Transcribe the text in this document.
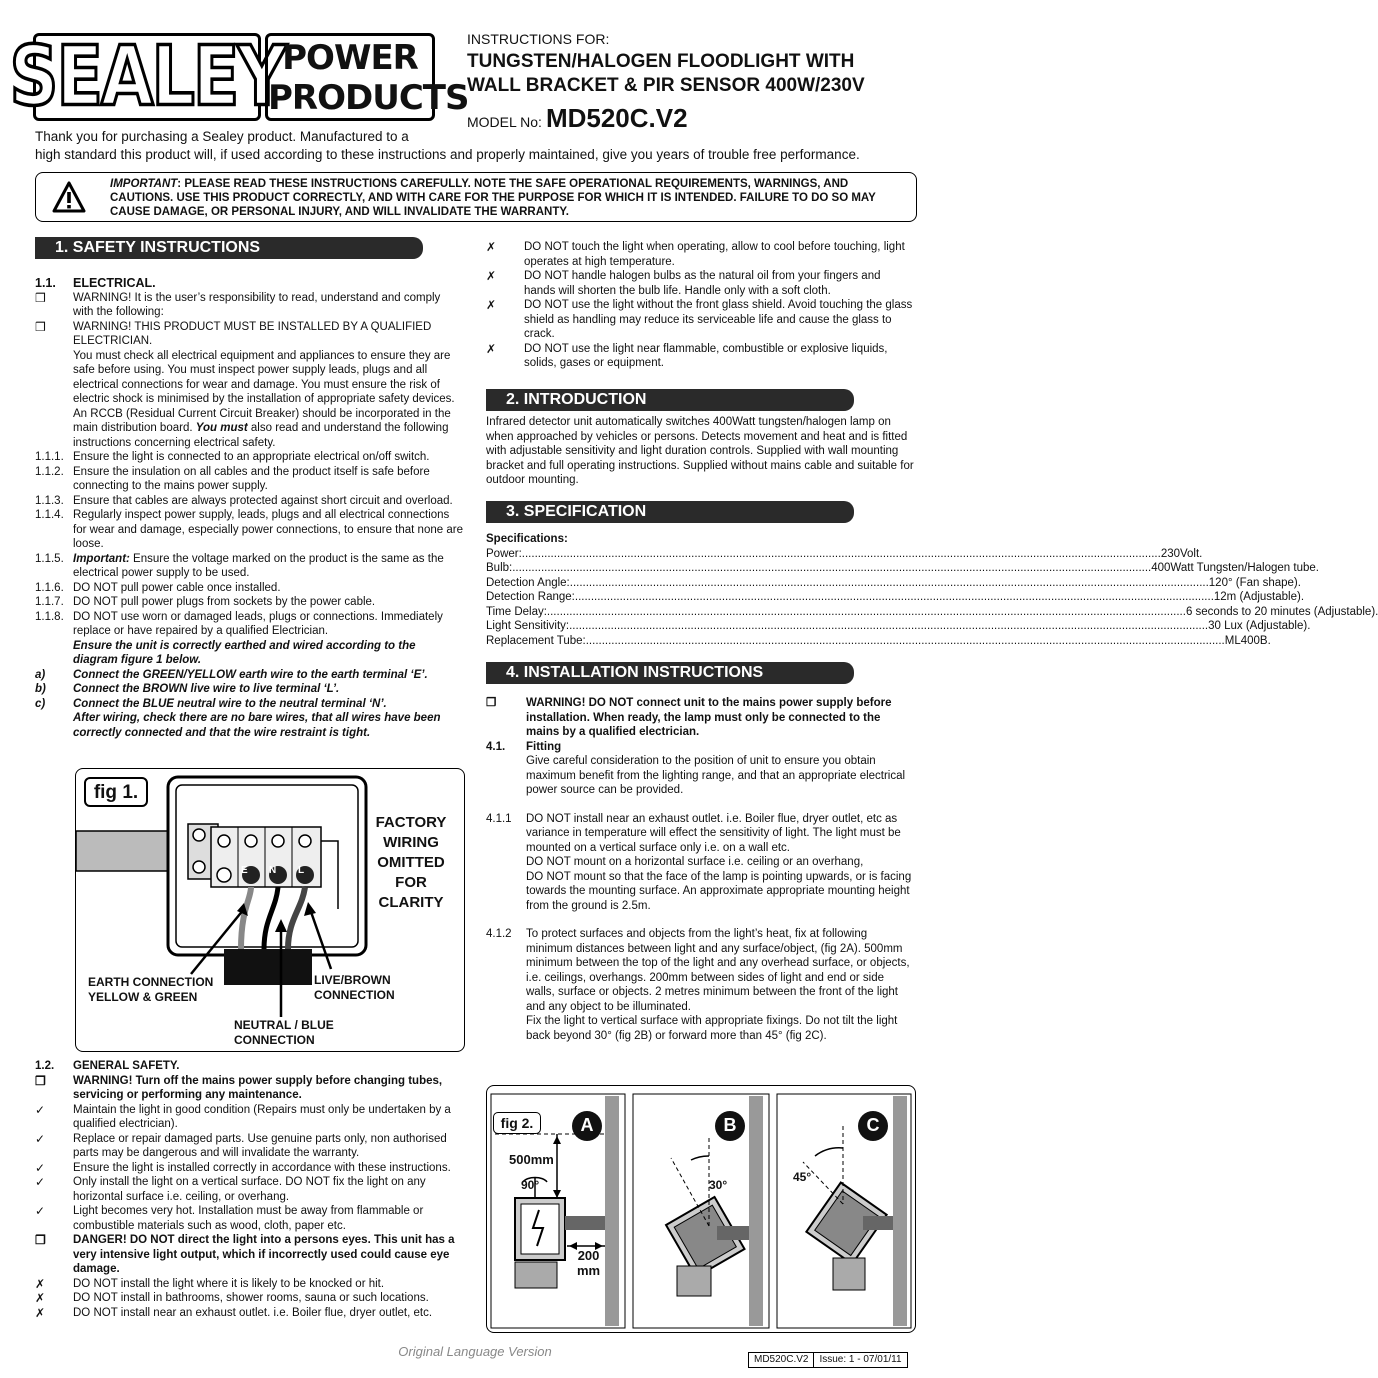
SEALEY
POWER
PRODUCTS
INSTRUCTIONS FOR:
TUNGSTEN/HALOGEN FLOODLIGHT WITH
WALL BRACKET & PIR SENSOR 400W/230V
MODEL No: MD520C.V2
Thank you for purchasing a Sealey product. Manufactured to a
high standard this product will, if used according to these instructions and properly maintained, give you years of trouble free performance.
IMPORTANT: PLEASE READ THESE INSTRUCTIONS CAREFULLY. NOTE THE SAFE OPERATIONAL REQUIREMENTS, WARNINGS, AND CAUTIONS. USE THIS PRODUCT CORRECTLY, AND WITH CARE FOR THE PURPOSE FOR WHICH IT IS INTENDED. FAILURE TO DO SO MAY CAUSE DAMAGE, OR PERSONAL INJURY, AND WILL INVALIDATE THE WARRANTY.
1. SAFETY INSTRUCTIONS
1.1.	ELECTRICAL.
❒	WARNING! It is the user’s responsibility to read, understand and comply with the following:
❒	WARNING! THIS PRODUCT MUST BE INSTALLED BY A QUALIFIED ELECTRICIAN.
You must check all electrical equipment and appliances to ensure they are safe before using. You must inspect power supply leads, plugs and all electrical connections for wear and damage. You must ensure the risk of electric shock is minimised by the installation of appropriate safety devices. An RCCB (Residual Current Circuit Breaker) should be incorporated in the main distribution board. You must also read and understand the following instructions concerning electrical safety.
1.1.1. Ensure the light is connected to an appropriate electrical on/off switch.
1.1.2. Ensure the insulation on all cables and the product itself is safe before connecting to the mains power supply.
1.1.3. Ensure that cables are always protected against short circuit and overload.
1.1.4. Regularly inspect power supply, leads, plugs and all electrical connections for wear and damage, especially power connections, to ensure that none are loose.
1.1.5. Important: Ensure the voltage marked on the product is the same as the electrical power supply to be used.
1.1.6. DO NOT pull power cable once installed.
1.1.7. DO NOT pull power plugs from sockets by the power cable.
1.1.8. DO NOT use worn or damaged leads, plugs or connections. Immediately replace or have repaired by a qualified Electrician.
Ensure the unit is correctly earthed and wired according to the diagram figure 1 below.
a)	Connect the GREEN/YELLOW earth wire to the earth terminal ‘E’.
b)	Connect the BROWN live wire to live terminal ‘L’.
c)	Connect the BLUE neutral wire to the neutral terminal ‘N’.
After wiring, check there are no bare wires, that all wires have been correctly connected and that the wire restraint is tight.
fig 1.
E N L
FACTORY
WIRING
OMITTED
FOR
CLARITY
EARTH CONNECTION
YELLOW & GREEN
LIVE/BROWN
CONNECTION
NEUTRAL / BLUE
CONNECTION
1.2.	GENERAL SAFETY.
❒	WARNING! Turn off the mains power supply before changing tubes, servicing or performing any maintenance.
✓	Maintain the light in good condition (Repairs must only be undertaken by a qualified electrician).
✓	Replace or repair damaged parts. Use genuine parts only, non authorised parts may be dangerous and will invalidate the warranty.
✓	Ensure the light is installed correctly in accordance with these instructions.
✓	Only install the light on a vertical surface. DO NOT fix the light on any horizontal surface i.e. ceiling, or overhang.
✓	Light becomes very hot. Installation must be away from flammable or combustible materials such as wood, cloth, paper etc.
❒	DANGER! DO NOT direct the light into a persons eyes. This unit has a very intensive light output, which if incorrectly used could cause eye damage.
✗	DO NOT install the light where it is likely to be knocked or hit.
✗	DO NOT install in bathrooms, shower rooms, sauna or such locations.
✗	DO NOT install near an exhaust outlet. i.e. Boiler flue, dryer outlet, etc.
✗	DO NOT touch the light when operating, allow to cool before touching, light operates at high temperature.
✗	DO NOT handle halogen bulbs as the natural oil from your fingers and hands will shorten the bulb life. Handle only with a soft cloth.
✗	DO NOT use the light without the front glass shield. Avoid touching the glass shield as handling may reduce its serviceable life and cause the glass to crack.
✗	DO NOT use the light near flammable, combustible or explosive liquids, solids, gases or equipment.
2. INTRODUCTION
Infrared detector unit automatically switches 400Watt tungsten/halogen lamp on when approached by vehicles or persons. Detects movement and heat and is fitted with adjustable sensitivity and light duration controls. Supplied with wall mounting bracket and full operating instructions. Supplied without mains cable and suitable for outdoor mounting.
3. SPECIFICATION
Specifications:
Power: ........................................................................................................................................................................................................ 230Volt.
Bulb: ........................................................................................................................................................................................................ 400Watt Tungsten/Halogen tube.
Detection Angle: ........................................................................................................................................................................................................ 120° (Fan shape).
Detection Range: ........................................................................................................................................................................................................ 12m (Adjustable).
Time Delay: ........................................................................................................................................................................................................ 6 seconds to 20 minutes (Adjustable).
Light Sensitivity: ........................................................................................................................................................................................................ 30 Lux (Adjustable).
Replacement Tube: ........................................................................................................................................................................................................ ML400B.
4. INSTALLATION INSTRUCTIONS
❒	WARNING! DO NOT connect unit to the mains power supply before installation. When ready, the lamp must only be connected to the mains by a qualified electrician.
4.1.	Fitting
Give careful consideration to the position of unit to ensure you obtain maximum benefit from the lighting range, and that an appropriate electrical power source can be provided.
4.1.1	DO NOT install near an exhaust outlet. i.e. Boiler flue, dryer outlet, etc as variance in temperature will effect the sensitivity of light. The light must be mounted on a vertical surface only i.e. on a wall etc.
DO NOT mount on a horizontal surface i.e. ceiling or an overhang,
DO NOT mount so that the face of the lamp is pointing upwards, or is facing towards the mounting surface. An approximate appropriate mounting height from the ground is 2.5m.
4.1.2	To protect surfaces and objects from the light’s heat, fix at following minimum distances between light and any surface/object, (fig 2A). 500mm minimum between the top of the light and any overhead surface, or objects, i.e. ceilings, overhangs. 200mm between sides of light and end or side walls, surface or objects. 2 metres minimum between the front of the light and any object to be illuminated.
Fix the light to vertical surface with appropriate fixings. Do not tilt the light back beyond 30° (fig 2B) or forward more than 45° (fig 2C).
fig 2.	A	B	C
500mm
90°
200
mm
30°
45°
Original Language Version
MD520C.V2	Issue: 1 - 07/01/11
